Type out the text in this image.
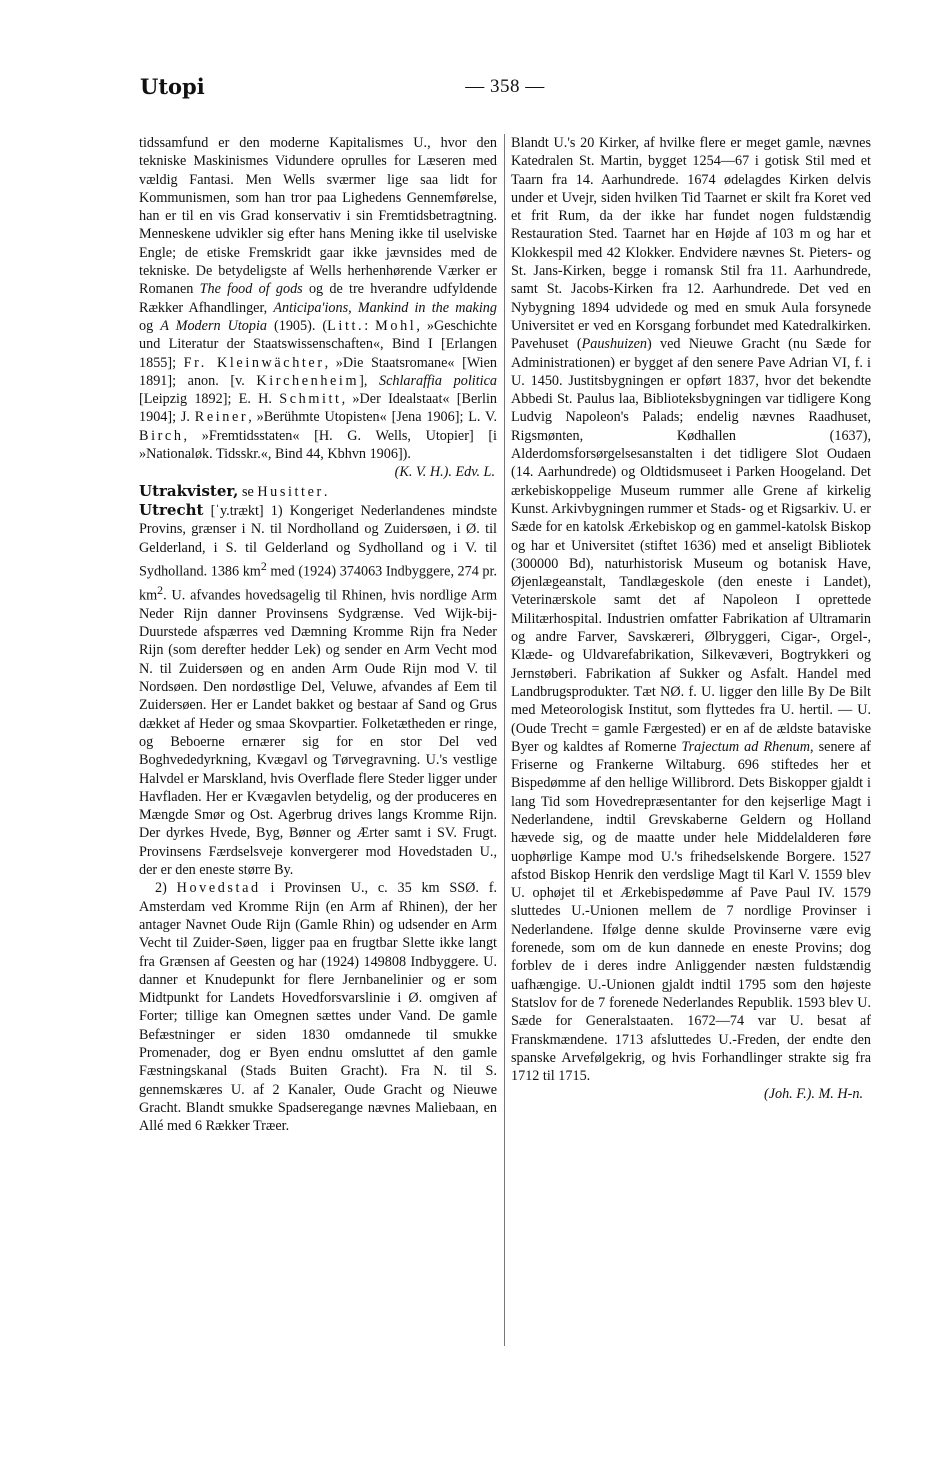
Utopi	— 358 —

tidssamfund er den moderne Kapitalismes U., hvor den tekniske Maskinismes Vidundere oprulles for Læseren med vældig Fantasi. Men Wells sværmer lige saa lidt for Kommunismen, som han tror paa Lighedens Gennemførelse, han er til en vis Grad konservativ i sin Fremtidsbetragtning. Menneskene udvikler sig efter hans Mening ikke til uselviske Engle; de etiske Fremskridt gaar ikke jævnsides med de tekniske. De betydeligste af Wells herhenhørende Værker er Romanen The food of gods og de tre hverandre udfyldende Rækker Afhandlinger, Anticipa'ions, Mankind in the making og A Modern Utopia (1905). (Litt.: Mohl, »Geschichte und Literatur der Staatswissenschaften«, Bind I [Erlangen 1855]; Fr. Kleinwächter, »Die Staatsromane« [Wien 1891]; anon. [v. Kirchenheim], Schlaraffia politica [Leipzig 1892]; E. H. Schmitt, »Der Idealstaat« [Berlin 1904]; J. Reiner, »Berühmte Utopisten« [Jena 1906]; L. V. Birch, »Fremtidsstaten« [H. G. Wells, Utopier] [i »Nationaløk. Tidsskr.«, Bind 44, Kbhvn 1906]).

(K. V. H.). Edv. L.

Utrakvister, se Husitter.

Utrecht [ˈy.trækt] 1) Kongeriget Nederlandenes mindste Provins, grænser i N. til Nordholland og Zuidersøen, i Ø. til Gelderland, i S. til Gelderland og Sydholland og i V. til Sydholland. 1386 $km^2$ med (1924) 374063 Indbyggere, 274 pr. $km^2$. U. afvandes hovedsagelig til Rhinen, hvis nordlige Arm Neder Rijn danner Provinsens Sydgrænse. Ved Wijk-bij-Duurstede afspærres ved Dæmning Kromme Rijn fra Neder Rijn (som derefter hedder Lek) og sender en Arm Vecht mod N. til Zuidersøen og en anden Arm Oude Rijn mod V. til Nordsøen. Den nordøstlige Del, Veluwe, afvandes af Eem til Zuidersøen. Her er Landet bakket og bestaar af Sand og Grus dækket af Heder og smaa Skovpartier. Folketætheden er ringe, og Beboerne ernærer sig for en stor Del ved Boghvededyrkning, Kvægavl og Tørvegravning. U.'s vestlige Halvdel er Marskland, hvis Overflade flere Steder ligger under Havfladen. Her er Kvægavlen betydelig, og der produceres en Mængde Smør og Ost. Agerbrug drives langs Kromme Rijn. Der dyrkes Hvede, Byg, Bønner og Ærter samt i SV. Frugt. Provinsens Færdselsveje konvergerer mod Hovedstaden U., der er den eneste større By.

2) Hovedstad i Provinsen U., c. 35 km SSØ. f. Amsterdam ved Kromme Rijn (en Arm af Rhinen), der her antager Navnet Oude Rijn (Gamle Rhin) og udsender en Arm Vecht til Zuider-Søen, ligger paa en frugtbar Slette ikke langt fra Grænsen af Geesten og har (1924) 149808 Indbyggere. U. danner et Knudepunkt for flere Jernbanelinier og er som Midtpunkt for Landets Hovedforsvarslinie i Ø. omgiven af Forter; tillige kan Omegnen sættes under Vand. De gamle Befæstninger er siden 1830 omdannede til smukke Promenader, dog er Byen endnu omsluttet af den gamle Fæstningskanal (Stads Buiten Gracht). Fra N. til S. gennemskæres U. af 2 Kanaler, Oude Gracht og Nieuwe Gracht. Blandt smukke Spadseregange nævnes Maliebaan, en Allé med 6 Rækker Træer.

Blandt U.'s 20 Kirker, af hvilke flere er meget gamle, nævnes Katedralen St. Martin, bygget 1254—67 i gotisk Stil med et Taarn fra 14. Aarhundrede. 1674 ødelagdes Kirken delvis under et Uvejr, siden hvilken Tid Taarnet er skilt fra Koret ved et frit Rum, da der ikke har fundet nogen fuldstændig Restauration Sted. Taarnet har en Højde af 103 m og har et Klokkespil med 42 Klokker. Endvidere nævnes St. Pieters- og St. Jans-Kirken, begge i romansk Stil fra 11. Aarhundrede, samt St. Jacobs-Kirken fra 12. Aarhundrede. Det ved en Nybygning 1894 udvidede og med en smuk Aula forsynede Universitet er ved en Korsgang forbundet med Katedralkirken. Pavehuset (Paushuizen) ved Nieuwe Gracht (nu Sæde for Administrationen) er bygget af den senere Pave Adrian VI, f. i U. 1450. Justitsbygningen er opført 1837, hvor det bekendte Abbedi St. Paulus laa, Biblioteksbygningen var tidligere Kong Ludvig Napoleon's Palads; endelig nævnes Raadhuset, Rigsmønten, Kødhallen (1637), Alderdomsforsørgelsesanstalten i det tidligere Slot Oudaen (14. Aarhundrede) og Oldtidsmuseet i Parken Hoogeland. Det ærkebiskoppelige Museum rummer alle Grene af kirkelig Kunst. Arkivbygningen rummer et Stads- og et Rigsarkiv. U. er Sæde for en katolsk Ærkebiskop og en gammel-katolsk Biskop og har et Universitet (stiftet 1636) med et anseligt Bibliotek (300000 Bd), naturhistorisk Museum og botanisk Have, Øjenlægeanstalt, Tandlægeskole (den eneste i Landet), Veterinærskole samt det af Napoleon I oprettede Militærhospital. Industrien omfatter Fabrikation af Ultramarin og andre Farver, Savskæreri, Ølbryggeri, Cigar-, Orgel-, Klæde- og Uldvarefabrikation, Silkevæveri, Bogtrykkeri og Jernstøberi. Fabrikation af Sukker og Asfalt. Handel med Landbrugsprodukter. Tæt NØ. f. U. ligger den lille By De Bilt med Meteorologisk Institut, som flyttedes fra U. hertil. — U. (Oude Trecht = gamle Færgested) er en af de ældste bataviske Byer og kaldtes af Romerne Trajectum ad Rhenum, senere af Friserne og Frankerne Wiltaburg. 696 stiftedes her et Bispedømme af den hellige Willibrord. Dets Biskopper gjaldt i lang Tid som Hovedrepræsentanter for den kejserlige Magt i Nederlandene, indtil Grevskaberne Geldern og Holland hævede sig, og de maatte under hele Middelalderen føre uophørlige Kampe mod U.'s frihedselskende Borgere. 1527 afstod Biskop Henrik den verdslige Magt til Karl V. 1559 blev U. ophøjet til et Ærkebispedømme af Pave Paul IV. 1579 sluttedes U.-Unionen mellem de 7 nordlige Provinser i Nederlandene. Ifølge denne skulde Provinserne være evig forenede, som om de kun dannede en eneste Provins; dog forblev de i deres indre Anliggender næsten fuldstændig uafhængige. U.-Unionen gjaldt indtil 1795 som den højeste Statslov for de 7 forenede Nederlandes Republik. 1593 blev U. Sæde for Generalstaaten. 1672—74 var U. besat af Franskmændene. 1713 afsluttedes U.-Freden, der endte den spanske Arvefølgekrig, og hvis Forhandlinger strakte sig fra 1712 til 1715.

(Joh. F.). M. H-n.
